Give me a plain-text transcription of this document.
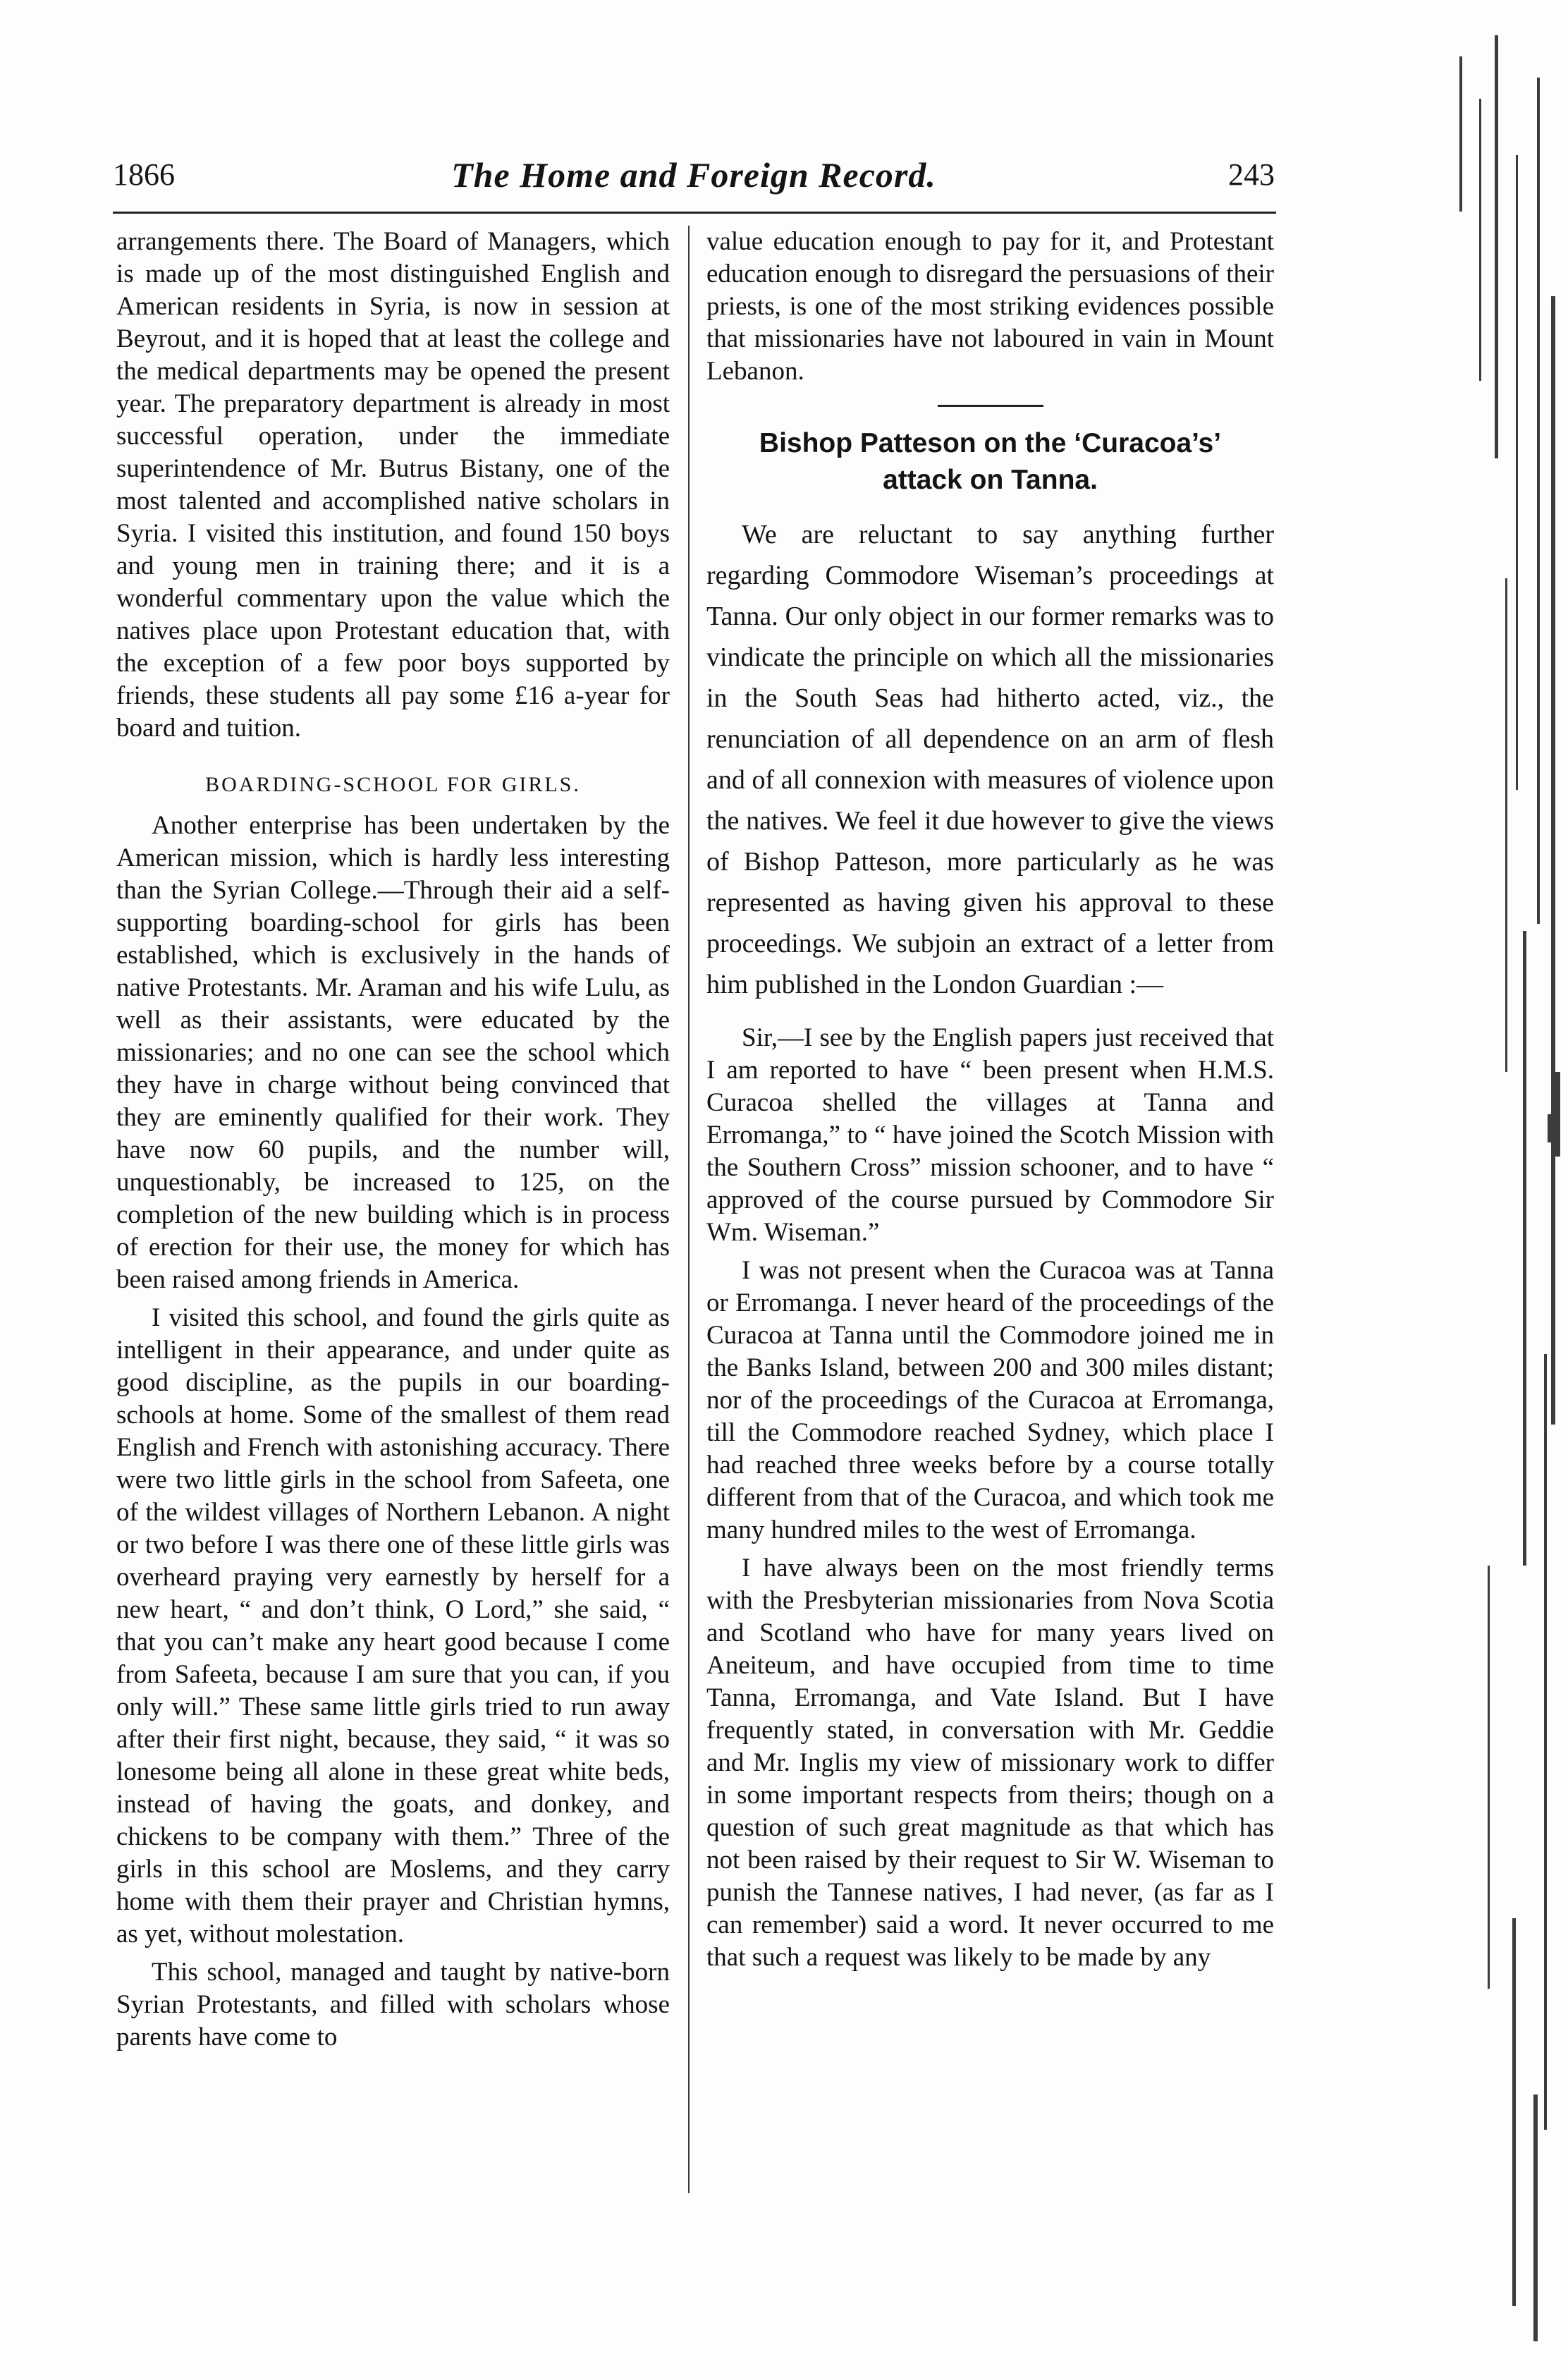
1866	The Home and Foreign Record.	243

arrangements there. The Board of Managers, which is made up of the most distinguished English and American residents in Syria, is now in session at Beyrout, and it is hoped that at least the college and the medical departments may be opened the present year. The preparatory department is already in most successful operation, under the immediate superintendence of Mr. Butrus Bistany, one of the most talented and accomplished native scholars in Syria. I visited this institution, and found 150 boys and young men in training there; and it is a wonderful commentary upon the value which the natives place upon Protestant education that, with the exception of a few poor boys supported by friends, these students all pay some £16 a-year for board and tuition.

BOARDING-SCHOOL FOR GIRLS.

Another enterprise has been undertaken by the American mission, which is hardly less interesting than the Syrian College.—Through their aid a self-supporting boarding-school for girls has been established, which is exclusively in the hands of native Protestants. Mr. Araman and his wife Lulu, as well as their assistants, were educated by the missionaries; and no one can see the school which they have in charge without being convinced that they are eminently qualified for their work. They have now 60 pupils, and the number will, unquestionably, be increased to 125, on the completion of the new building which is in process of erection for their use, the money for which has been raised among friends in America.

I visited this school, and found the girls quite as intelligent in their appearance, and under quite as good discipline, as the pupils in our boarding-schools at home. Some of the smallest of them read English and French with astonishing accuracy. There were two little girls in the school from Safeeta, one of the wildest villages of Northern Lebanon. A night or two before I was there one of these little girls was overheard praying very earnestly by herself for a new heart, “ and don’t think, O Lord,” she said, “ that you can’t make any heart good because I come from Safeeta, because I am sure that you can, if you only will.” These same little girls tried to run away after their first night, because, they said, “ it was so lonesome being all alone in these great white beds, instead of having the goats, and donkey, and chickens to be company with them.” Three of the girls in this school are Moslems, and they carry home with them their prayer and Christian hymns, as yet, without molestation.

This school, managed and taught by native-born Syrian Protestants, and filled with scholars whose parents have come to

value education enough to pay for it, and Protestant education enough to disregard the persuasions of their priests, is one of the most striking evidences possible that missionaries have not laboured in vain in Mount Lebanon.

Bishop Patteson on the ‘Curacoa’s’ attack on Tanna.

We are reluctant to say anything further regarding Commodore Wiseman’s proceedings at Tanna. Our only object in our former remarks was to vindicate the principle on which all the missionaries in the South Seas had hitherto acted, viz., the renunciation of all dependence on an arm of flesh and of all connexion with measures of violence upon the natives. We feel it due however to give the views of Bishop Patteson, more particularly as he was represented as having given his approval to these proceedings. We subjoin an extract of a letter from him published in the London Guardian :—

Sir,—I see by the English papers just received that I am reported to have “ been present when H.M.S. Curacoa shelled the villages at Tanna and Erromanga,” to “ have joined the Scotch Mission with the Southern Cross” mission schooner, and to have “ approved of the course pursued by Commodore Sir Wm. Wiseman.”

I was not present when the Curacoa was at Tanna or Erromanga. I never heard of the proceedings of the Curacoa at Tanna until the Commodore joined me in the Banks Island, between 200 and 300 miles distant; nor of the proceedings of the Curacoa at Erromanga, till the Commodore reached Sydney, which place I had reached three weeks before by a course totally different from that of the Curacoa, and which took me many hundred miles to the west of Erromanga.

I have always been on the most friendly terms with the Presbyterian missionaries from Nova Scotia and Scotland who have for many years lived on Aneiteum, and have occupied from time to time Tanna, Erromanga, and Vate Island. But I have frequently stated, in conversation with Mr. Geddie and Mr. Inglis my view of missionary work to differ in some important respects from theirs; though on a question of such great magnitude as that which has not been raised by their request to Sir W. Wiseman to punish the Tannese natives, I had never, (as far as I can remember) said a word. It never occurred to me that such a request was likely to be made by any
